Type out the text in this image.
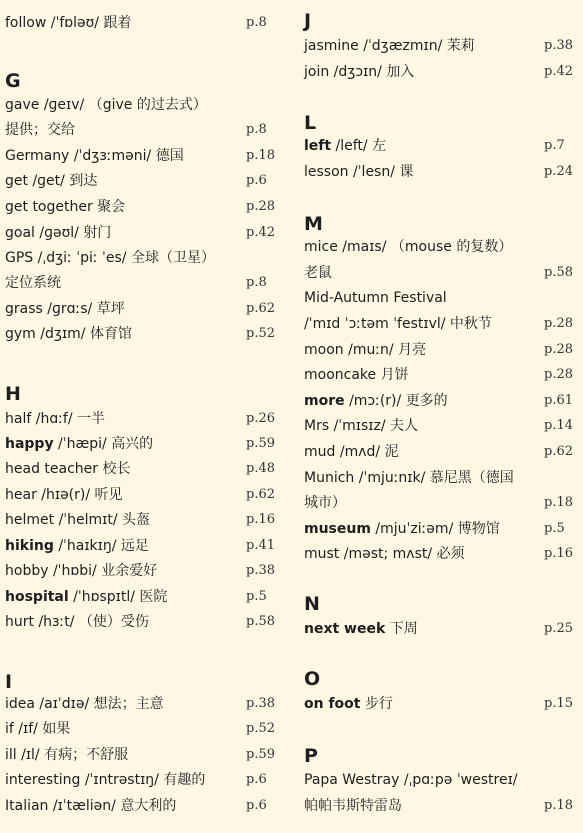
follow /ˈfɒləʊ/ 跟着	p.8
G
gave /ɡeɪv/ （give 的过去式）
提供；交给	p.8
Germany /ˈdʒɜːməni/ 德国	p.18
get /ɡet/ 到达	p.6
get together 聚会	p.28
goal /ɡəʊl/ 射门	p.42
GPS /ˌdʒiː ˈpiː ˈes/ 全球（卫星）
定位系统	p.8
grass /ɡrɑːs/ 草坪	p.62
gym /dʒɪm/ 体育馆	p.52
H
half /hɑːf/ 一半	p.26
happy /ˈhæpi/ 高兴的	p.59
head teacher 校长	p.48
hear /hɪə(r)/ 听见	p.62
helmet /ˈhelmɪt/ 头盔	p.16
hiking /ˈhaɪkɪŋ/ 远足	p.41
hobby /ˈhɒbi/ 业余爱好	p.38
hospital /ˈhɒspɪtl/ 医院	p.5
hurt /hɜːt/ （使）受伤	p.58
I
idea /aɪˈdɪə/ 想法；主意	p.38
if /ɪf/ 如果	p.52
ill /ɪl/ 有病；不舒服	p.59
interesting /ˈɪntrəstɪŋ/ 有趣的	p.6
Italian /ɪˈtæliən/ 意大利的	p.6
J
jasmine /ˈdʒæzmɪn/ 茉莉	p.38
join /dʒɔɪn/ 加入	p.42
L
left /left/ 左	p.7
lesson /ˈlesn/ 课	p.24
M
mice /maɪs/ （mouse 的复数）
老鼠	p.58
Mid-Autumn Festival
/ˈmɪd ˈɔːtəm ˈfestɪvl/ 中秋节	p.28
moon /muːn/ 月亮	p.28
mooncake 月饼	p.28
more /mɔː(r)/ 更多的	p.61
Mrs /ˈmɪsɪz/ 夫人	p.14
mud /mʌd/ 泥	p.62
Munich /ˈmjuːnɪk/ 慕尼黑（德国
城市）	p.18
museum /mjuˈziːəm/ 博物馆	p.5
must /məst; mʌst/ 必须	p.16
N
next week 下周	p.25
O
on foot 步行	p.15
P
Papa Westray /ˌpɑːpə ˈwestreɪ/
帕帕韦斯特雷岛	p.18
